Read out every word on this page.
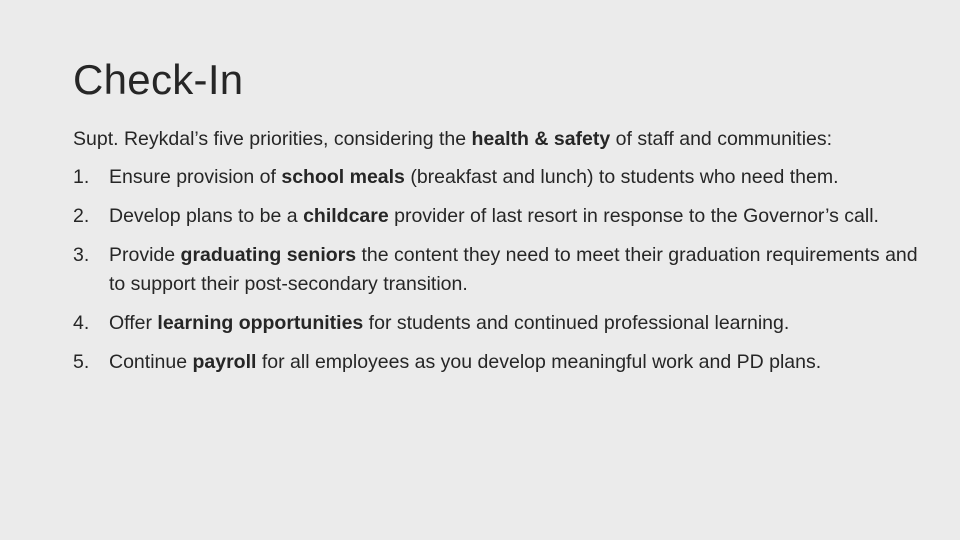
Check-In

Supt. Reykdal’s five priorities, considering the health & safety of staff and communities:

1.	Ensure provision of school meals (breakfast and lunch) to students who need them.
2.	Develop plans to be a childcare provider of last resort in response to the Governor’s call.
3.	Provide graduating seniors the content they need to meet their graduation requirements and to support their post-secondary transition.
4.	Offer learning opportunities for students and continued professional learning.
5.	Continue payroll for all employees as you develop meaningful work and PD plans.
